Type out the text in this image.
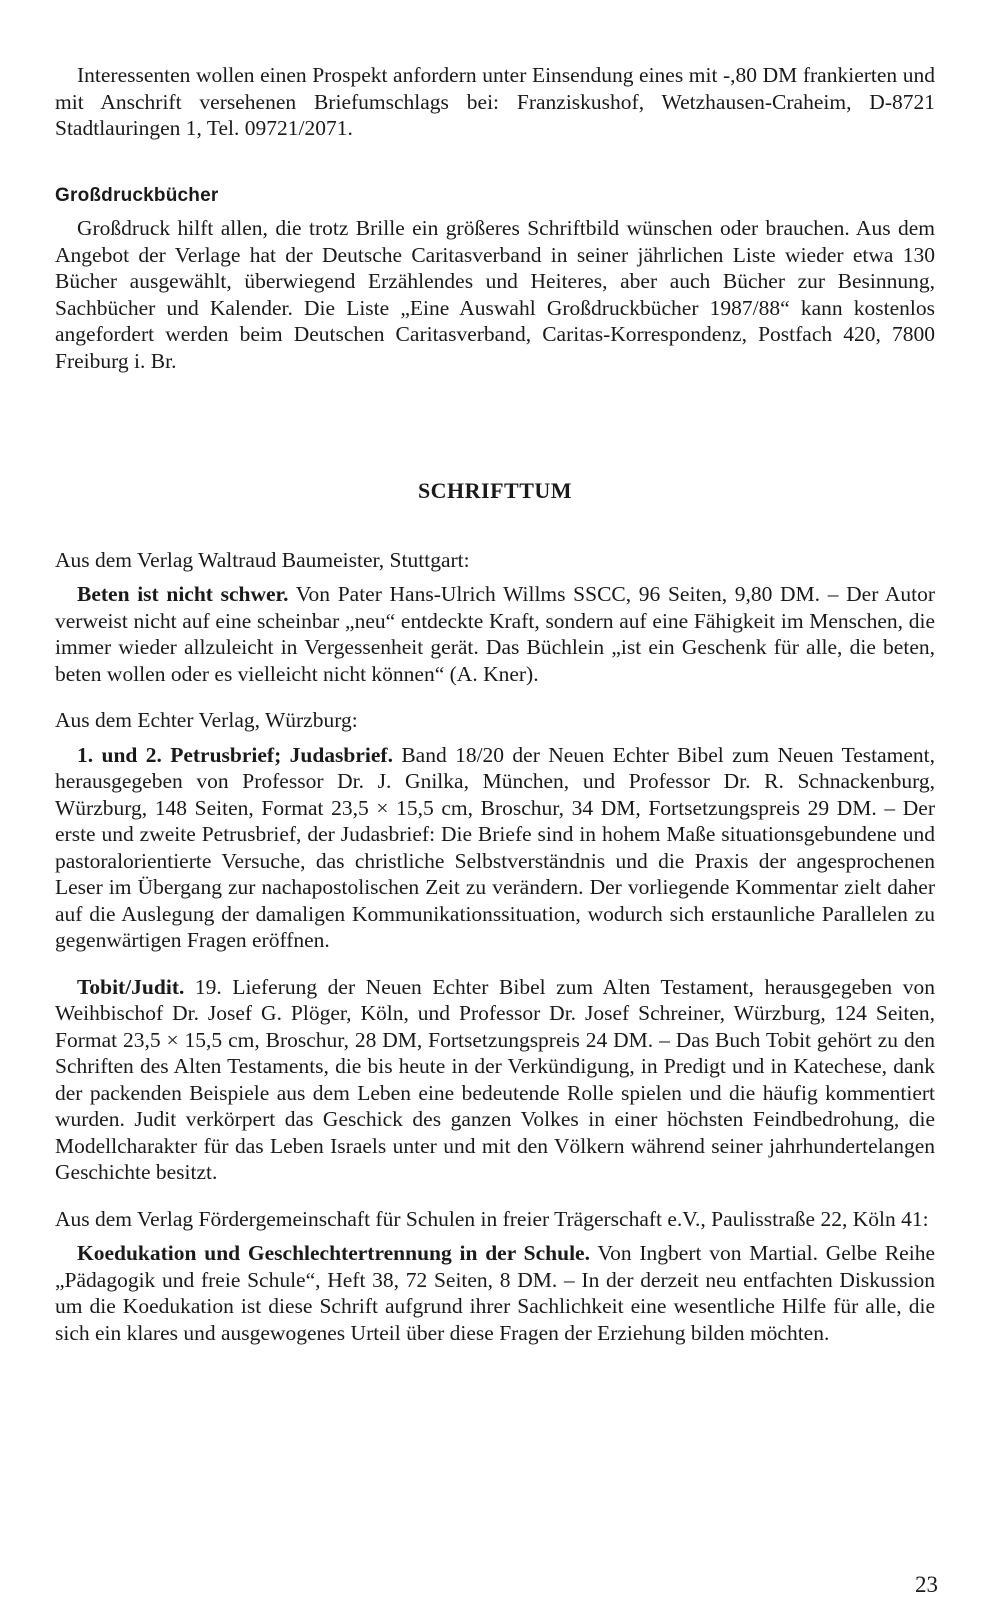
Interessenten wollen einen Prospekt anfordern unter Einsendung eines mit -,80 DM frankierten und mit Anschrift versehenen Briefumschlags bei: Franziskushof, Wetzhausen-Craheim, D-8721 Stadtlauringen 1, Tel. 09721/2071.

Großdruckbücher

Großdruck hilft allen, die trotz Brille ein größeres Schriftbild wünschen oder brauchen. Aus dem Angebot der Verlage hat der Deutsche Caritasverband in seiner jährlichen Liste wieder etwa 130 Bücher ausgewählt, überwiegend Erzählendes und Heiteres, aber auch Bücher zur Besinnung, Sachbücher und Kalender. Die Liste „Eine Auswahl Großdruckbücher 1987/88“ kann kostenlos angefordert werden beim Deutschen Caritasverband, Caritas-Korrespondenz, Postfach 420, 7800 Freiburg i. Br.

SCHRIFTTUM

Aus dem Verlag Waltraud Baumeister, Stuttgart:

Beten ist nicht schwer. Von Pater Hans-Ulrich Willms SSCC, 96 Seiten, 9,80 DM. – Der Autor verweist nicht auf eine scheinbar „neu“ entdeckte Kraft, sondern auf eine Fähigkeit im Menschen, die immer wieder allzuleicht in Vergessenheit gerät. Das Büchlein „ist ein Geschenk für alle, die beten, beten wollen oder es vielleicht nicht können“ (A. Kner).

Aus dem Echter Verlag, Würzburg:

1. und 2. Petrusbrief; Judasbrief. Band 18/20 der Neuen Echter Bibel zum Neuen Testament, herausgegeben von Professor Dr. J. Gnilka, München, und Professor Dr. R. Schnackenburg, Würzburg, 148 Seiten, Format 23,5 × 15,5 cm, Broschur, 34 DM, Fortsetzungspreis 29 DM. – Der erste und zweite Petrusbrief, der Judasbrief: Die Briefe sind in hohem Maße situationsgebundene und pastoralorientierte Versuche, das christliche Selbstverständnis und die Praxis der angesprochenen Leser im Übergang zur nachapostolischen Zeit zu verändern. Der vorliegende Kommentar zielt daher auf die Auslegung der damaligen Kommunikationssituation, wodurch sich erstaunliche Parallelen zu gegenwärtigen Fragen eröffnen.

Tobit/Judit. 19. Lieferung der Neuen Echter Bibel zum Alten Testament, herausgegeben von Weihbischof Dr. Josef G. Plöger, Köln, und Professor Dr. Josef Schreiner, Würzburg, 124 Seiten, Format 23,5 × 15,5 cm, Broschur, 28 DM, Fortsetzungspreis 24 DM. – Das Buch Tobit gehört zu den Schriften des Alten Testaments, die bis heute in der Verkündigung, in Predigt und in Katechese, dank der packenden Beispiele aus dem Leben eine bedeutende Rolle spielen und die häufig kommentiert wurden. Judit verkörpert das Geschick des ganzen Volkes in einer höchsten Feindbedrohung, die Modellcharakter für das Leben Israels unter und mit den Völkern während seiner jahrhundertelangen Geschichte besitzt.

Aus dem Verlag Fördergemeinschaft für Schulen in freier Trägerschaft e.V., Paulisstraße 22, Köln 41:

Koedukation und Geschlechtertrennung in der Schule. Von Ingbert von Martial. Gelbe Reihe „Pädagogik und freie Schule“, Heft 38, 72 Seiten, 8 DM. – In der derzeit neu entfachten Diskussion um die Koedukation ist diese Schrift aufgrund ihrer Sachlichkeit eine wesentliche Hilfe für alle, die sich ein klares und ausgewogenes Urteil über diese Fragen der Erziehung bilden möchten.

23
